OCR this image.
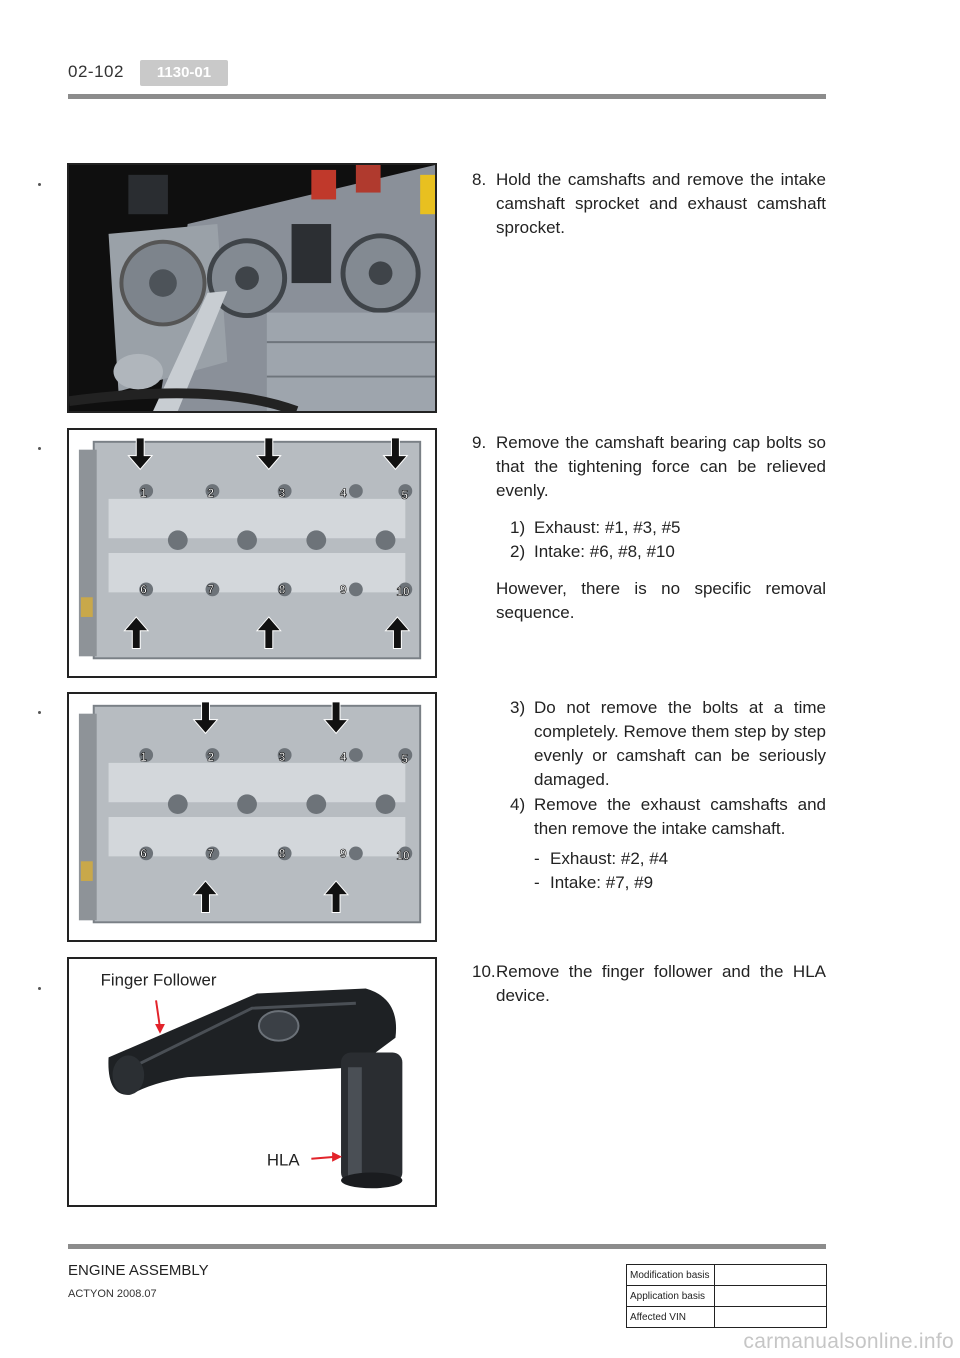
02-102	1130-01
8. Hold the camshafts and remove the intake camshaft sprocket and exhaust camshaft sprocket.
1	2	3	4	5
6	7	8	9	10
9. Remove the camshaft bearing cap bolts so that the tightening force can be relieved evenly.
1) Exhaust: #1, #3, #5
2) Intake: #6, #8, #10
However, there is no specific removal sequence.
1	2	3	4	5
6	7	8	9	10
3) Do not remove the bolts at a time completely. Remove them step by step evenly or camshaft can be seriously damaged.
4) Remove the exhaust camshafts and then remove the intake camshaft.
- Exhaust: #2, #4
- Intake: #7, #9
Finger Follower
HLA
10. Remove the finger follower and the HLA device.
ENGINE ASSEMBLY
ACTYON 2008.07
Modification basis	
Application basis	
Affected VIN	
carmanualsonline.info
